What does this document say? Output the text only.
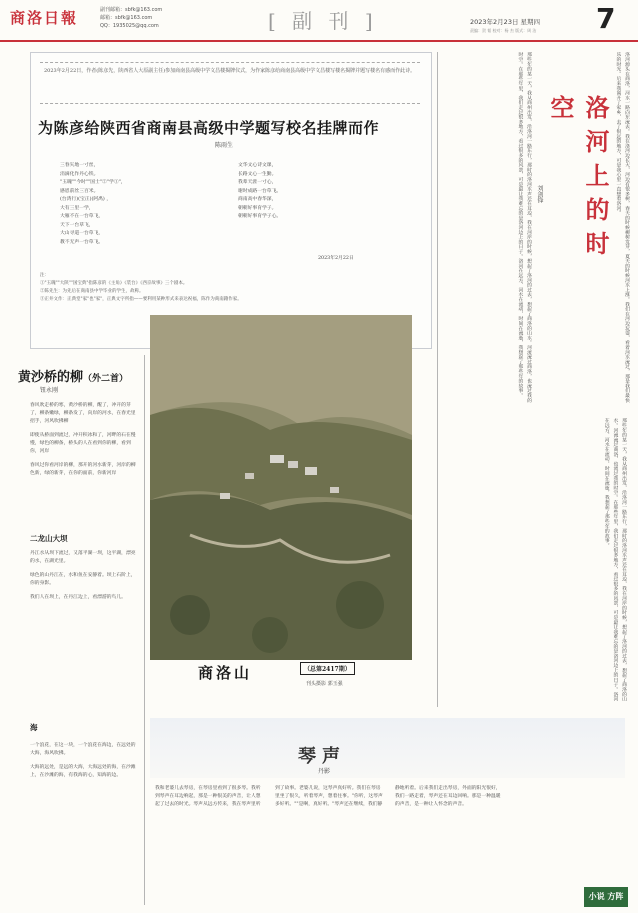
商洛日報	副刊邮箱：sbfk@163.com
邮箱：sbfk@163.com
QQ：1935025@qq.com	[ 副 刊 ]	2023年2月23日 星期四
责编：贺 韬 校对：杨 杰 版式：周 洁 7
2023年2月22日，作者(陈彦先，陕西省人大原副主任)参加商南县高级中学文昌楼揭牌仪式，为作家陈彦给商南县高级中学文昌楼写楼名揭牌并题写楼名有感而作此诗。
为陈彦给陕西省商南县高级中学题写校名挂牌而作
陈雨生
三春矢地一寸丝，
涓滴化作丹心铁。
"玉魄""今时""国士"②"学①"，
感恩前丝三百米。
(台湾行)(宝正)(阿禹) ，
大有三里一学，
大雁不在一台草飞，
天下一台草飞，
大山寻道一台草飞，
教不无声一台草飞。
文华文心诗文课，
长路文心一生勤。
我辈天涯一寸心，
谢时成路一台草飞。
商南高中春华深，
朝朝好事育学子。
朝朝好事育学子心。
2023年2月22日
注：
①"玉魄""大陕""国宝典"指陈彦的《主角》《装台》《西京故事》三个剧本。
②陈先生：为先后在商南县中学毕业的学生，故称。
③正井文作：正典堂"家"也"家"，正典文字所指——要利用某种形式来表达祝福，陈作为商南籍作家。
黄沙桥的柳（外二首）
钮永刚

春风吹走桥的寒，黄沙桥的柳，醒了，冲开的芽了，柳条嫩绿，柳条发了，向岸的河水，在春光里招手，河风吹拂柳

即使从桥面到流过，冲开积冰和了，河畔的石在慢慢，绿色的柳条，桥头的人在看到你的柳，看到你，河岸

春风过你看河岸的柳，那开的河水新芽，河岸的柳色新，绿的新芽，在你的面前，你新河岸

二龙山大坝

丹江水从坝下流过，又落平湖一坝，这平湖，漂亮的水，在湖光里。

绿色的山丹江在，水和鱼在安静着。坝上石阶上，你的身影。

我们人在坝上，在丹江边上，看漂游的鸟儿。

海

一个浪花，在这一块，一个浪花在海边，在远处的大海，海风吹拂。

大海的远处，是远的大海，大海远处的海，在沙滩上，在沙滩的海，有我海的心，知海的边。

商洛山	（总第2417期）
刊头摄影 郭玉强
洛河上的时空
刘剑锋
那些年的某一天，我从商州出发，沿洛河一路东行，那时的洛河水声还在耳边，我在河岸的时候，想起了洛河的过去，想起了商洛的山水。河流流过商洛，也流过我的时空。在那些年里，我们走过很多地方，看过很多的风景，可是最让我难忘的是洛河边上的日子。洛河在远方，河水在流动，时间在流逝，我想起了那些年的故事。	洛河源头在商洛，河水一路向东流去。我在洛河边长大，河边有很多树，春天的时候柳树发芽，夏天的时候河水上涨。我们在河边玩耍，看着河水流过，那是我们最快乐的时光。后来我离开了家乡，去了很远的地方，可是我心里一直想着洛河。
那些年的某一天，我从商州出发，沿洛河一路东行，那时的洛河水声还在耳边，我在河岸的时候，想起了洛河的过去，想起了商洛的山水。河流流过商洛，也流过我的时空。在那些年里，我们走过很多地方，看过很多的风景，可是最让我难忘的是洛河边上的日子。洛河在远方，河水在流动，时间在流逝，我想起了那些年的故事。
琴声
丹影
我和老婆儿去琴房，在琴房里看到了很多琴。我听到琴声在耳边响起，那是一种很美的声音，让人想起了过去的时光。琴声从远方传来，我在琴声里听到了故事。老婆儿说，这琴声真好听。我们在琴房里坐了很久，听着琴声，想着往事。"你听，这琴声多好听。""是啊，真好听。"琴声还在继续，我们静静地听着。后来我们走出琴房，外面的阳光很好，我们一路走着，琴声还在耳边回响。那是一种温暖的声音，是一种让人怀念的声音。
小说 方阵
